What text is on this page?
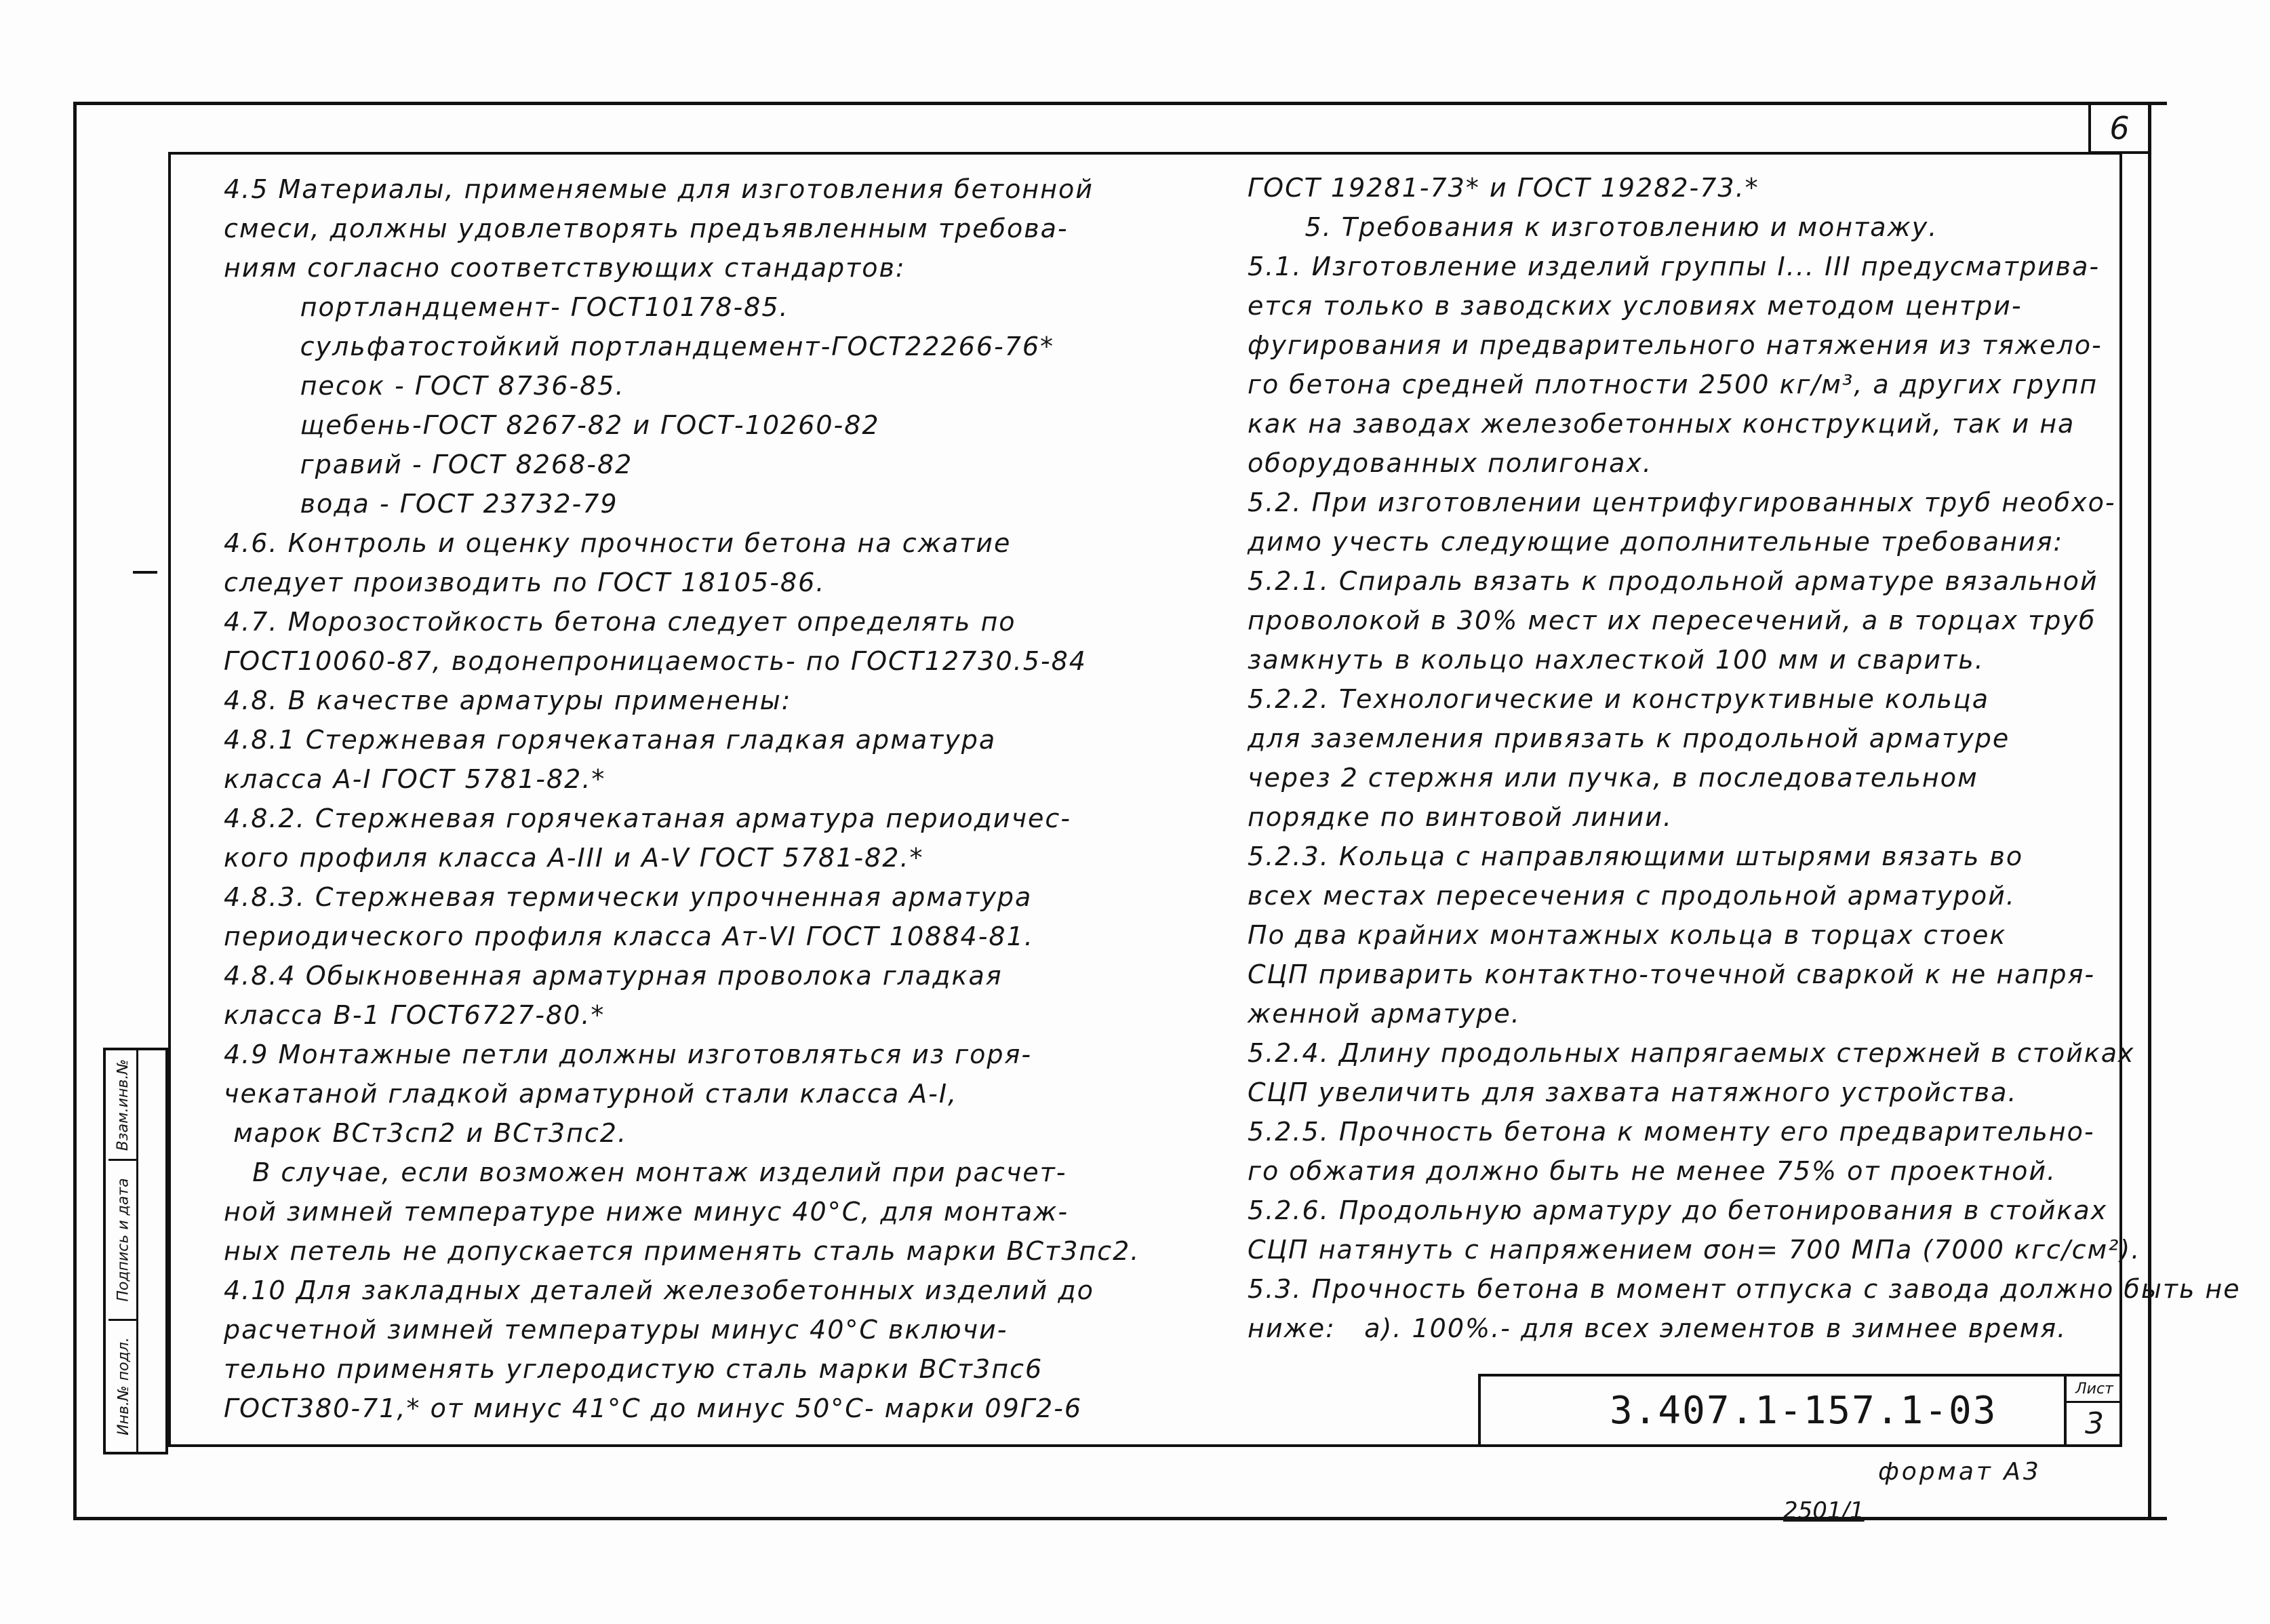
6
Взам.инв.№
Подпись и дата
Инв.№ подл.
4.5 Материалы, применяемые для изготовления бетонной
смеси, должны удовлетворять предъявленным требова-
ниям согласно соответствующих стандартов:
портландцемент- ГОСТ10178-85.
сульфатостойкий портландцемент-ГОСТ22266-76*
песок - ГОСТ 8736-85.
щебень-ГОСТ 8267-82 и ГОСТ-10260-82
гравий - ГОСТ 8268-82
вода - ГОСТ 23732-79
4.6. Контроль и оценку прочности бетона на сжатие
следует производить по ГОСТ 18105-86.
4.7. Морозостойкость бетона следует определять по
ГОСТ10060-87, водонепроницаемость- по ГОСТ12730.5-84
4.8. В качестве арматуры применены:
4.8.1 Стержневая горячекатаная гладкая арматура
класса А-I ГОСТ 5781-82.*
4.8.2. Стержневая горячекатаная арматура периодичес-
кого профиля класса А-III и А-V ГОСТ 5781-82.*
4.8.3. Стержневая термически упрочненная арматура
периодического профиля класса Ат-VI ГОСТ 10884-81.
4.8.4 Обыкновенная арматурная проволока гладкая
класса В-1 ГОСТ6727-80.*
4.9 Монтажные петли должны изготовляться из горя-
чекатаной гладкой арматурной стали класса А-I,
марок ВСт3сп2 и ВСт3пс2.
В случае, если возможен монтаж изделий при расчет-
ной зимней температуре ниже минус 40°С, для монтаж-
ных петель не допускается применять сталь марки ВСт3пс2.
4.10 Для закладных деталей железобетонных изделий до
расчетной зимней температуры минус 40°С включи-
тельно применять углеродистую сталь марки ВСт3пс6
ГОСТ380-71,* от минус 41°С до минус 50°С- марки 09Г2-6
ГОСТ 19281-73* и ГОСТ 19282-73.*
5. Требования к изготовлению и монтажу.
5.1. Изготовление изделий группы I... III предусматрива-
ется только в заводских условиях методом центри-
фугирования и предварительного натяжения из тяжело-
го бетона средней плотности 2500 кг/м³, а других групп
как на заводах железобетонных конструкций, так и на
оборудованных полигонах.
5.2. При изготовлении центрифугированных труб необхо-
димо учесть следующие дополнительные требования:
5.2.1. Спираль вязать к продольной арматуре вязальной
проволокой в 30% мест их пересечений, а в торцах труб
замкнуть в кольцо нахлесткой 100 мм и сварить.
5.2.2. Технологические и конструктивные кольца
для заземления привязать к продольной арматуре
через 2 стержня или пучка, в последовательном
порядке по винтовой линии.
5.2.3. Кольца с направляющими штырями вязать во
всех местах пересечения с продольной арматурой.
По два крайних монтажных кольца в торцах стоек
СЦП приварить контактно-точечной сваркой к не напря-
женной арматуре.
5.2.4. Длину продольных напрягаемых стержней в стойках
СЦП увеличить для захвата натяжного устройства.
5.2.5. Прочность бетона к моменту его предварительно-
го обжатия должно быть не менее 75% от проектной.
5.2.6. Продольную арматуру до бетонирования в стойках
СЦП натянуть с напряжением σон= 700 МПа (7000 кгс/см²).
5.3. Прочность бетона в момент отпуска с завода должно быть не
ниже:   а). 100%.- для всех элементов в зимнее время.
3.407.1-157.1-03	Лист
3
формат А3
2501/1
